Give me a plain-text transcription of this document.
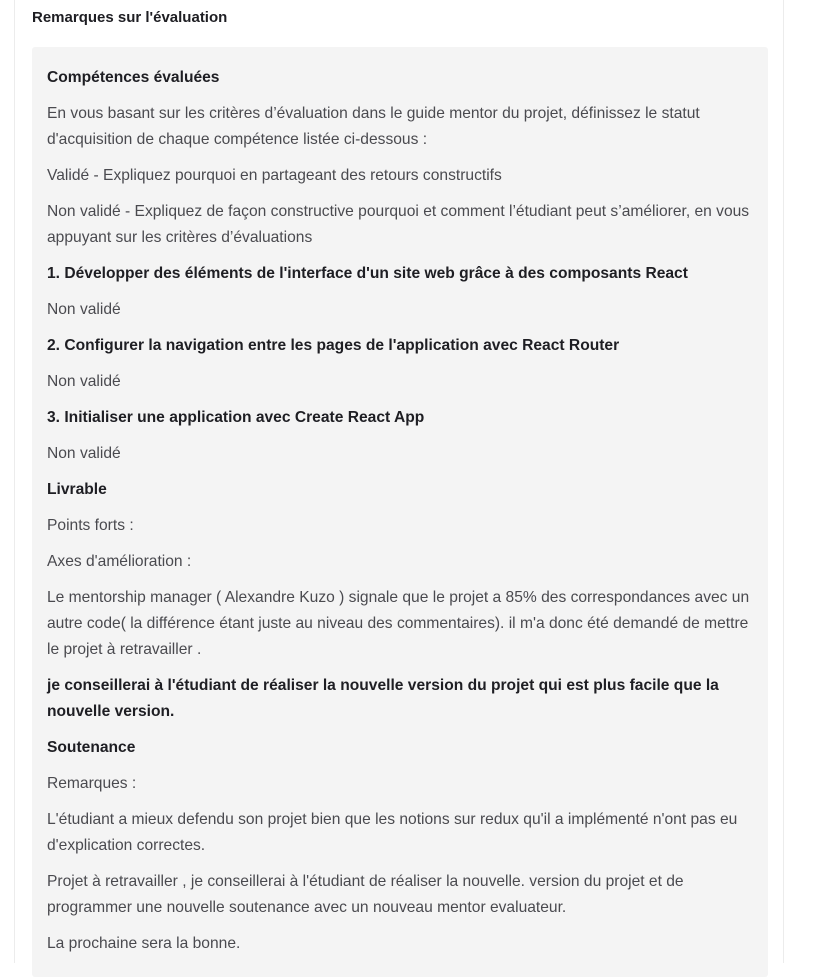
Remarques sur l'évaluation

Compétences évaluées

En vous basant sur les critères d’évaluation dans le guide mentor du projet, définissez le statut d'acquisition de chaque compétence listée ci-dessous :

Validé - Expliquez pourquoi en partageant des retours constructifs

Non validé - Expliquez de façon constructive pourquoi et comment l’étudiant peut s’améliorer, en vous appuyant sur les critères d’évaluations

1. Développer des éléments de l'interface d'un site web grâce à des composants React

Non validé

2. Configurer la navigation entre les pages de l'application avec React Router

Non validé

3. Initialiser une application avec Create React App

Non validé

Livrable

Points forts :

Axes d'amélioration :

Le mentorship manager ( Alexandre Kuzo ) signale que le projet a 85% des correspondances avec un autre code( la différence étant juste au niveau des commentaires). il m'a donc été demandé de mettre le projet à retravailler .

je conseillerai à l'étudiant de réaliser la nouvelle version du projet qui est plus facile que la nouvelle version.

Soutenance

Remarques :

L'étudiant a mieux defendu son projet bien que les notions sur redux qu'il a implémenté n'ont pas eu d'explication correctes.

Projet à retravailler , je conseillerai à l'étudiant de réaliser la nouvelle. version du projet et de programmer une nouvelle soutenance avec un nouveau mentor evaluateur.

La prochaine sera la bonne.
